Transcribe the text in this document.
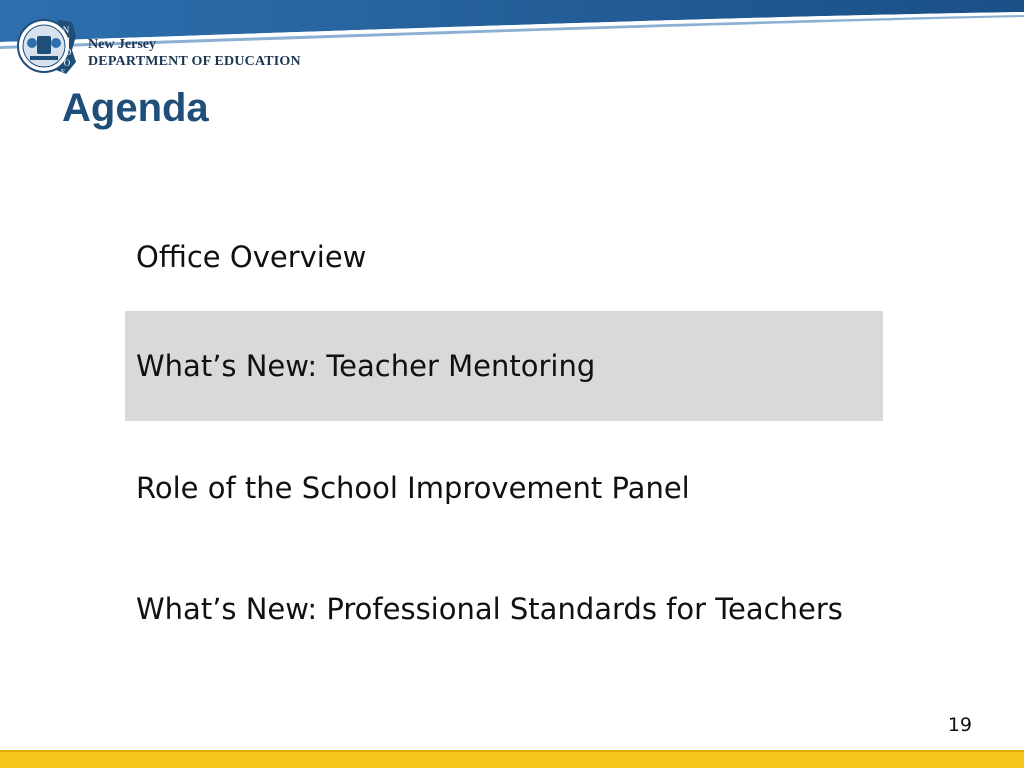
N
J
D
O
E
New Jersey
DEPARTMENT OF EDUCATION
Agenda
Office Overview
What’s New: Teacher Mentoring
Role of the School Improvement Panel
What’s New: Professional Standards for Teachers
19
